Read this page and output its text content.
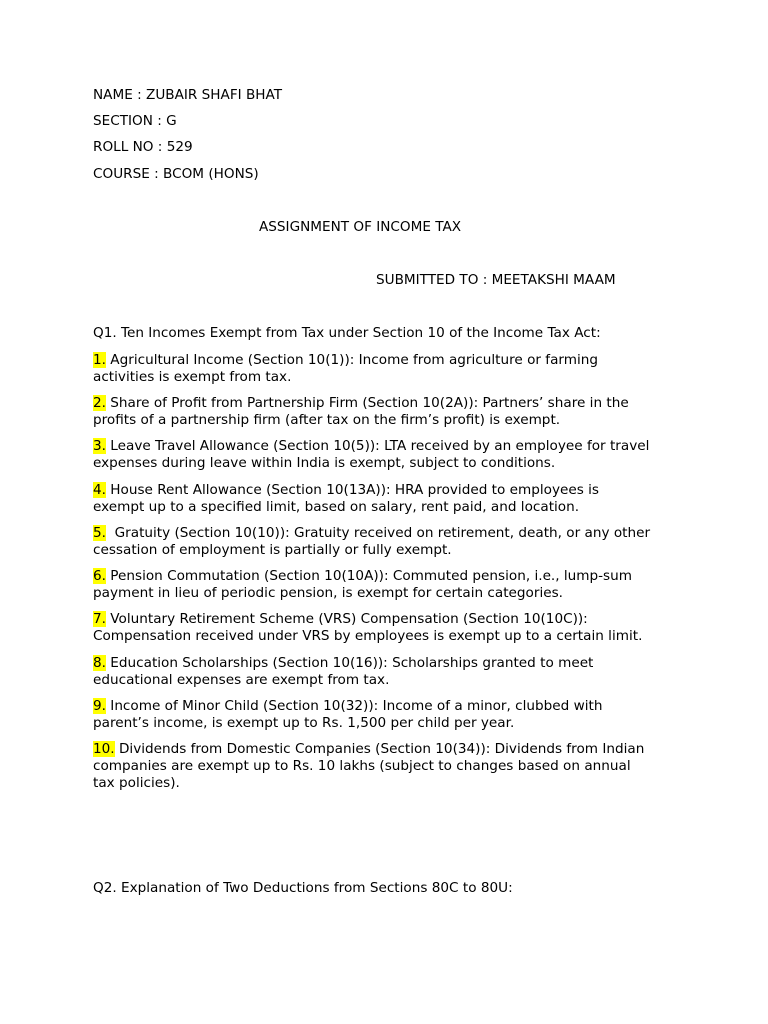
NAME : ZUBAIR SHAFI BHAT
SECTION : G
ROLL NO : 529
COURSE : BCOM (HONS)
ASSIGNMENT OF INCOME TAX
SUBMITTED TO : MEETAKSHI MAAM
Q1. Ten Incomes Exempt from Tax under Section 10 of the Income Tax Act:
1. Agricultural Income (Section 10(1)): Income from agriculture or farming
activities is exempt from tax.
2. Share of Profit from Partnership Firm (Section 10(2A)): Partners’ share in the
profits of a partnership firm (after tax on the firm’s profit) is exempt.
3. Leave Travel Allowance (Section 10(5)): LTA received by an employee for travel
expenses during leave within India is exempt, subject to conditions.
4. House Rent Allowance (Section 10(13A)): HRA provided to employees is
exempt up to a specified limit, based on salary, rent paid, and location.
5.  Gratuity (Section 10(10)): Gratuity received on retirement, death, or any other
cessation of employment is partially or fully exempt.
6. Pension Commutation (Section 10(10A)): Commuted pension, i.e., lump-sum
payment in lieu of periodic pension, is exempt for certain categories.
7. Voluntary Retirement Scheme (VRS) Compensation (Section 10(10C)):
Compensation received under VRS by employees is exempt up to a certain limit.
8. Education Scholarships (Section 10(16)): Scholarships granted to meet
educational expenses are exempt from tax.
9. Income of Minor Child (Section 10(32)): Income of a minor, clubbed with
parent’s income, is exempt up to Rs. 1,500 per child per year.
10. Dividends from Domestic Companies (Section 10(34)): Dividends from Indian
companies are exempt up to Rs. 10 lakhs (subject to changes based on annual
tax policies).
Q2. Explanation of Two Deductions from Sections 80C to 80U:
